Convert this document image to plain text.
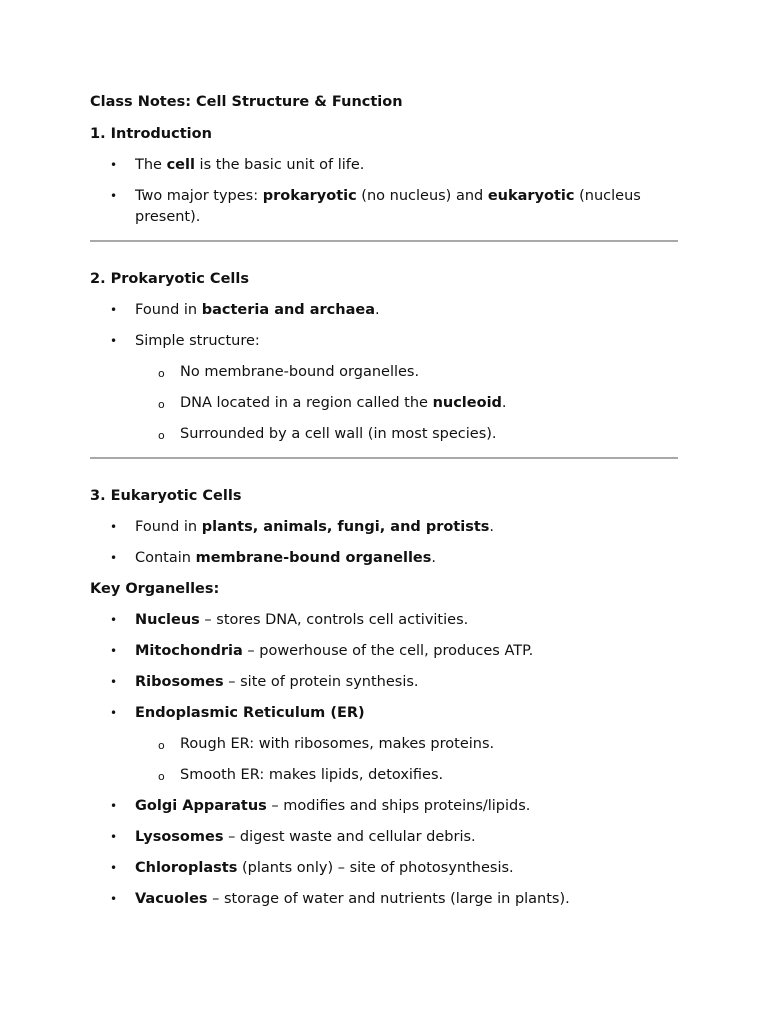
Class Notes: Cell Structure & Function

1. Introduction

• The cell is the basic unit of life.
• Two major types: prokaryotic (no nucleus) and eukaryotic (nucleus present).

2. Prokaryotic Cells

• Found in bacteria and archaea.
• Simple structure:
o No membrane-bound organelles.
o DNA located in a region called the nucleoid.
o Surrounded by a cell wall (in most species).

3. Eukaryotic Cells

• Found in plants, animals, fungi, and protists.
• Contain membrane-bound organelles.

Key Organelles:

• Nucleus – stores DNA, controls cell activities.
• Mitochondria – powerhouse of the cell, produces ATP.
• Ribosomes – site of protein synthesis.
• Endoplasmic Reticulum (ER)
o Rough ER: with ribosomes, makes proteins.
o Smooth ER: makes lipids, detoxifies.
• Golgi Apparatus – modifies and ships proteins/lipids.
• Lysosomes – digest waste and cellular debris.
• Chloroplasts (plants only) – site of photosynthesis.
• Vacuoles – storage of water and nutrients (large in plants).
